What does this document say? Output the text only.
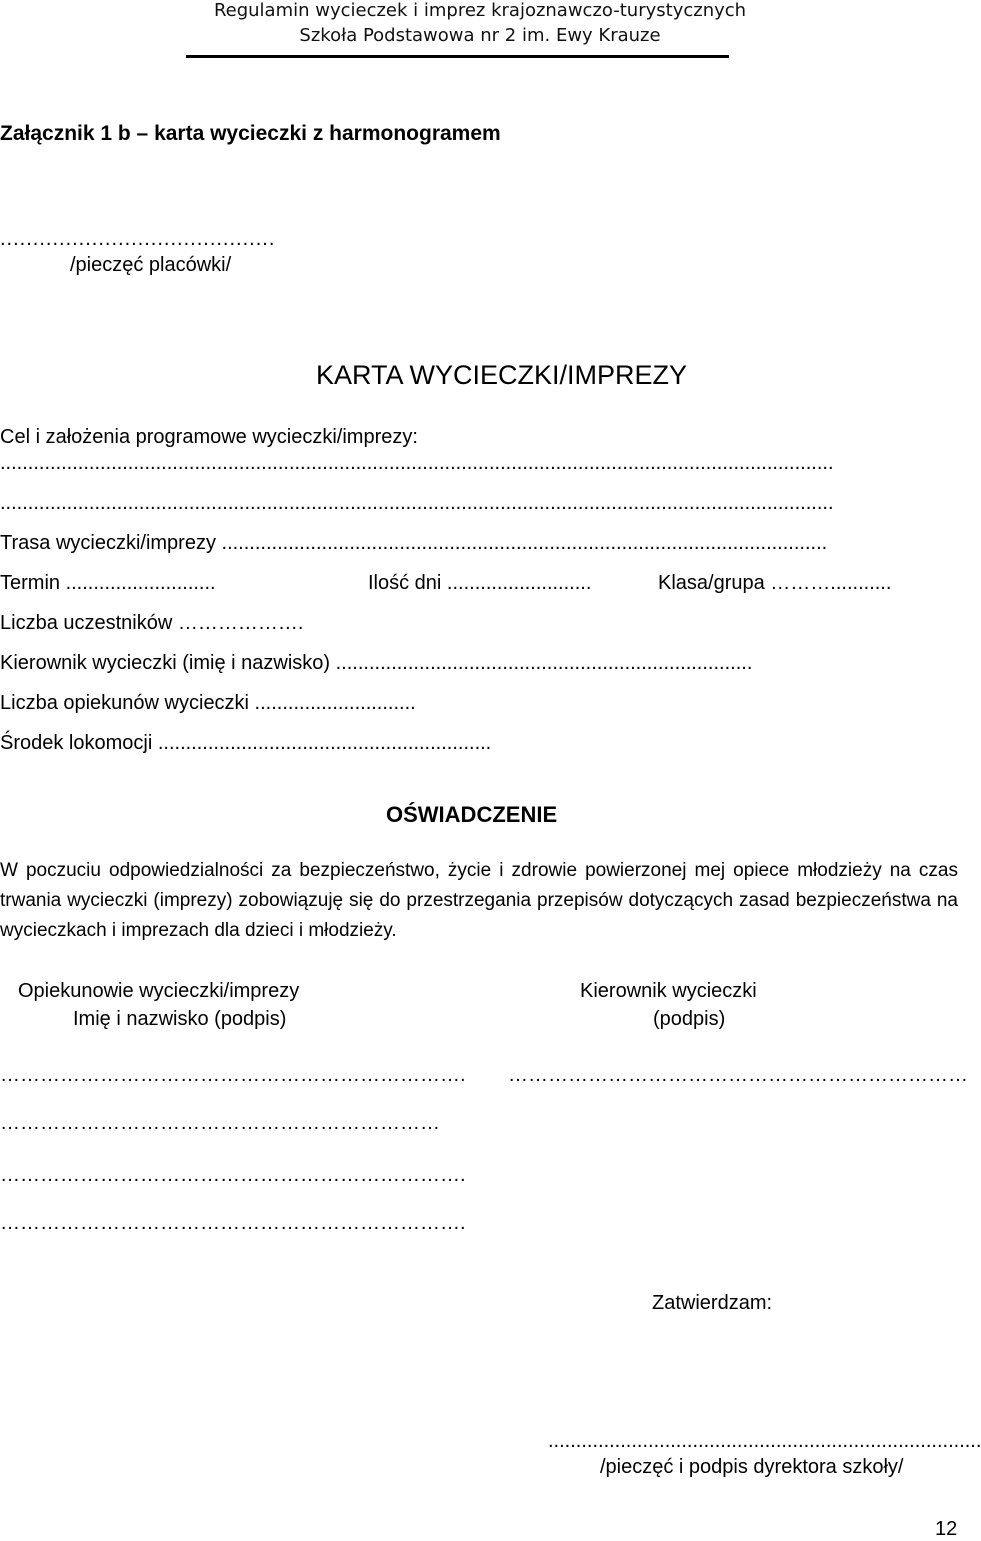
Regulamin wycieczek i imprez krajoznawczo-turystycznych
Szkoła Podstawowa nr 2 im. Ewy Krauze
Załącznik 1 b – karta wycieczki z harmonogramem
..........................................
/pieczęć placówki/
KARTA WYCIECZKI/IMPREZY
Cel i założenia programowe wycieczki/imprezy:
......................................................................................................................................................
......................................................................................................................................................
Trasa wycieczki/imprezy .............................................................................................................
Termin ...........................	Ilość dni ..........................	Klasa/grupa ………...........
Liczba uczestników ……………….
Kierownik wycieczki (imię i nazwisko) ...........................................................................
Liczba opiekunów wycieczki .............................
Środek lokomocji ............................................................
OŚWIADCZENIE
W poczuciu odpowiedzialności za bezpieczeństwo, życie i zdrowie powierzonej mej opiece młodzieży na czas trwania wycieczki (imprezy) zobowiązuję się do przestrzegania przepisów dotyczących zasad bezpieczeństwa na wycieczkach i imprezach dla dzieci i młodzieży.
Opiekunowie wycieczki/imprezy
Imię i nazwisko (podpis)
Kierownik wycieczki
(podpis)
……………………………………………………………. ……………………………………………………………
…………………………………………………………
…………………………………………………………….
…………………………………………………………….
Zatwierdzam:
..............................................................................
/pieczęć i podpis dyrektora szkoły/
12
